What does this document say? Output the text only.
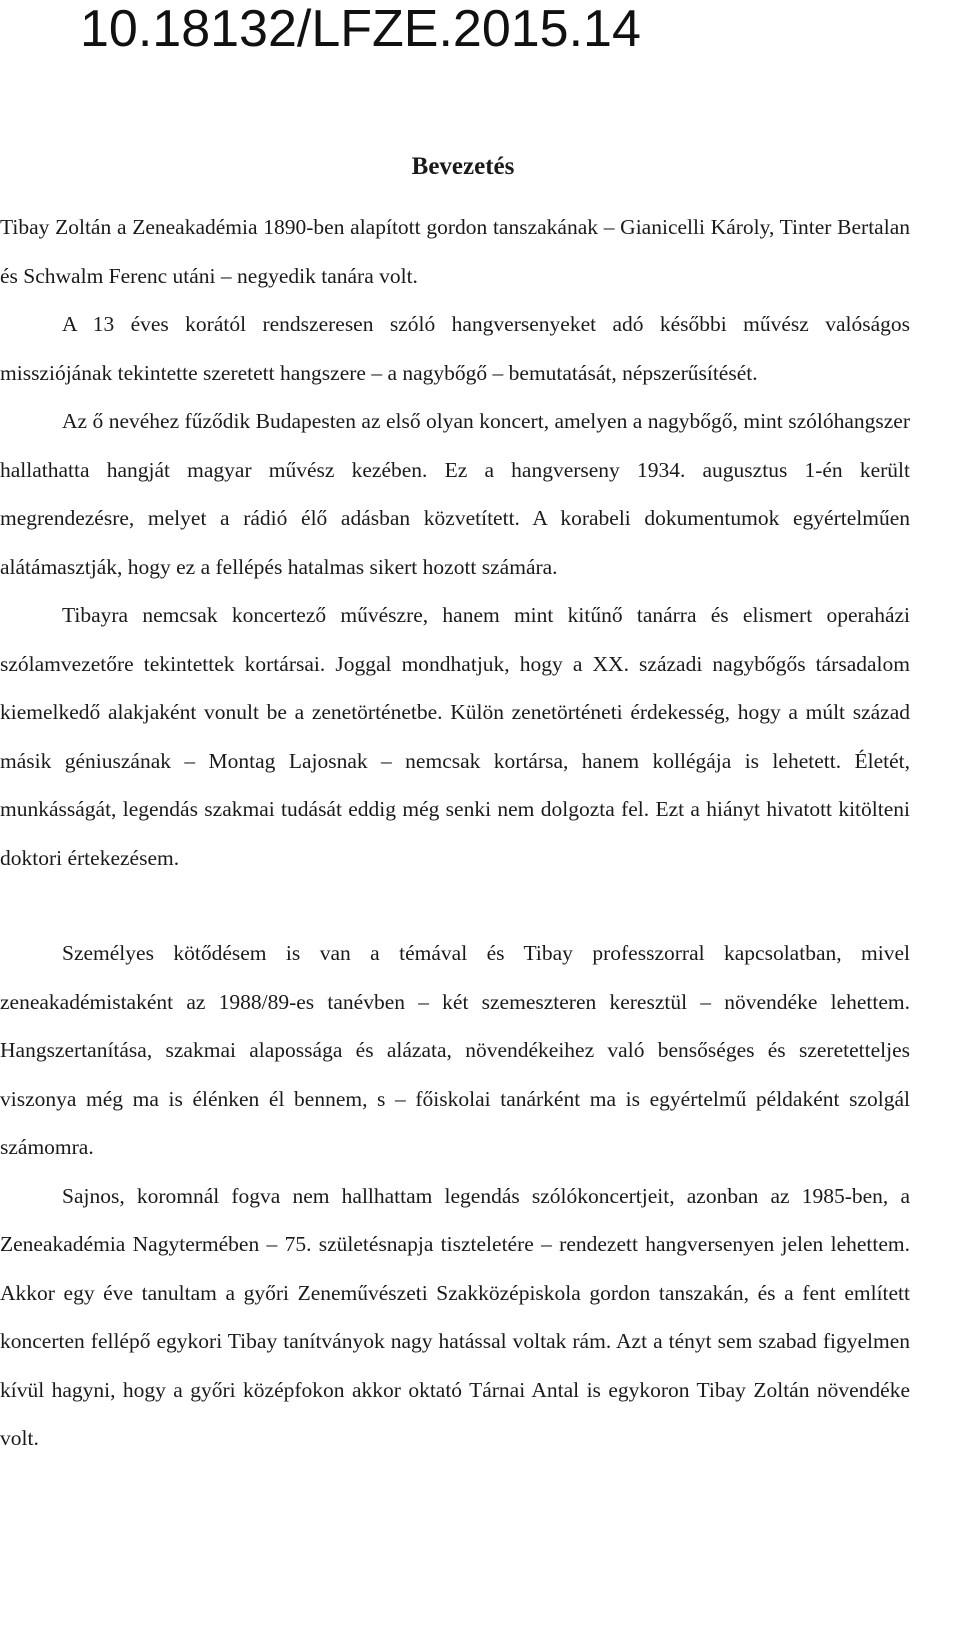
10.18132/LFZE.2015.14
Bevezetés

Tibay Zoltán a Zeneakadémia 1890-ben alapított gordon tanszakának – Gianicelli Károly, Tinter Bertalan és Schwalm Ferenc utáni – negyedik tanára volt.

A 13 éves korától rendszeresen szóló hangversenyeket adó későbbi művész valóságos missziójának tekintette szeretett hangszere – a nagybőgő – bemutatását, népszerűsítését.

Az ő nevéhez fűződik Budapesten az első olyan koncert, amelyen a nagybőgő, mint szólóhangszer hallathatta hangját magyar művész kezében. Ez a hangverseny 1934. augusztus 1-én került megrendezésre, melyet a rádió élő adásban közvetített. A korabeli dokumentumok egyértelműen alátámasztják, hogy ez a fellépés hatalmas sikert hozott számára.

Tibayra nemcsak koncertező művészre, hanem mint kitűnő tanárra és elismert operaházi szólamvezetőre tekintettek kortársai. Joggal mondhatjuk, hogy a XX. századi nagybőgős társadalom kiemelkedő alakjaként vonult be a zenetörténetbe. Külön zenetörténeti érdekesség, hogy a múlt század másik géniuszának – Montag Lajosnak – nemcsak kortársa, hanem kollégája is lehetett. Életét, munkásságát, legendás szakmai tudását eddig még senki nem dolgozta fel. Ezt a hiányt hivatott kitölteni doktori értekezésem.

Személyes kötődésem is van a témával és Tibay professzorral kapcsolatban, mivel zeneakadémistaként az 1988/89-es tanévben – két szemeszteren keresztül – növendéke lehettem. Hangszertanítása, szakmai alapossága és alázata, növendékeihez való bensőséges és szeretetteljes viszonya még ma is élénken él bennem, s – főiskolai tanárként ma is egyértelmű példaként szolgál számomra.

Sajnos, koromnál fogva nem hallhattam legendás szólókoncertjeit, azonban az 1985-ben, a Zeneakadémia Nagytermében – 75. születésnapja tiszteletére – rendezett hangversenyen jelen lehettem. Akkor egy éve tanultam a győri Zeneművészeti Szakközépiskola gordon tanszakán, és a fent említett koncerten fellépő egykori Tibay tanítványok nagy hatással voltak rám. Azt a tényt sem szabad figyelmen kívül hagyni, hogy a győri középfokon akkor oktató Tárnai Antal is egykoron Tibay Zoltán növendéke volt.
